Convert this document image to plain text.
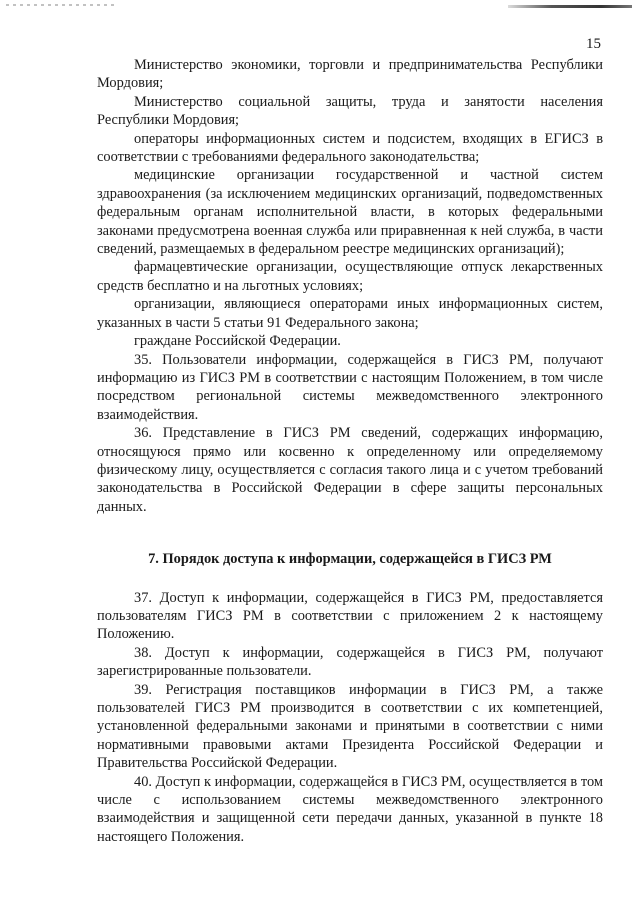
15

Министерство экономики, торговли и предпринимательства Республики Мордовия;

Министерство социальной защиты, труда и занятости населения Республики Мордовия;

операторы информационных систем и подсистем, входящих в ЕГИСЗ в соответствии с требованиями федерального законодательства;

медицинские организации государственной и частной систем здравоохранения (за исключением медицинских организаций, подведомственных федеральным органам исполнительной власти, в которых федеральными законами предусмотрена военная служба или приравненная к ней служба, в части сведений, размещаемых в федеральном реестре медицинских организаций);

фармацевтические организации, осуществляющие отпуск лекарственных средств бесплатно и на льготных условиях;

организации, являющиеся операторами иных информационных систем, указанных в части 5 статьи 91 Федерального закона;

граждане Российской Федерации.

35. Пользователи информации, содержащейся в ГИСЗ РМ, получают информацию из ГИСЗ РМ в соответствии с настоящим Положением, в том числе посредством региональной системы межведомственного электронного взаимодействия.

36. Представление в ГИСЗ РМ сведений, содержащих информацию, относящуюся прямо или косвенно к определенному или определяемому физическому лицу, осуществляется с согласия такого лица и с учетом требований законодательства в Российской Федерации в сфере защиты персональных данных.

7. Порядок доступа к информации, содержащейся в ГИСЗ РМ

37. Доступ к информации, содержащейся в ГИСЗ РМ, предоставляется пользователям ГИСЗ РМ в соответствии с приложением 2 к настоящему Положению.

38. Доступ к информации, содержащейся в ГИСЗ РМ, получают зарегистрированные пользователи.

39. Регистрация поставщиков информации в ГИСЗ РМ, а также пользователей ГИСЗ РМ производится в соответствии с их компетенцией, установленной федеральными законами и принятыми в соответствии с ними нормативными правовыми актами Президента Российской Федерации и Правительства Российской Федерации.

40. Доступ к информации, содержащейся в ГИСЗ РМ, осуществляется в том числе с использованием системы межведомственного электронного взаимодействия и защищенной сети передачи данных, указанной в пункте 18 настоящего Положения.
